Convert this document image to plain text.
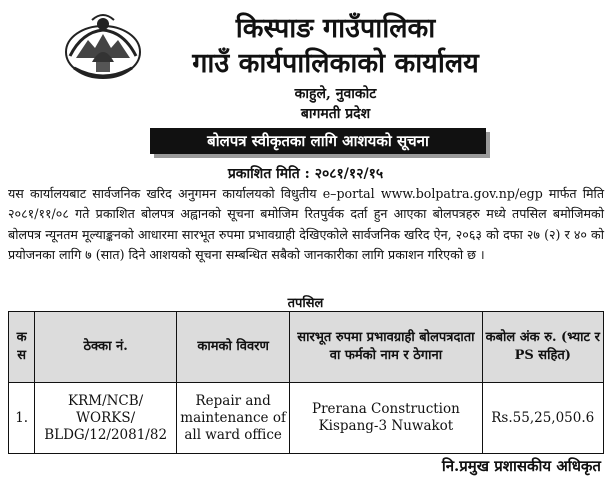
किस्पाङ गाउँपालिका
गाउँ कार्यपालिकाको कार्यालय
काहुले, नुवाकोट
बागमती प्रदेश
बोलपत्र स्वीकृतका लागि आशयको सूचना
प्रकाशित मिति : २०८१/१२/१५
यस कार्यालयबाट सार्वजनिक खरिद अनुगमन कार्यालयको विधुतीय e–portal www.bolpatra.gov.np/egp मार्फत मिति २०८१/११/०८ गते प्रकाशित बोलपत्र अह्वानको सूचना बमोजिम रितपुर्वक दर्ता हुन आएका बोलपत्रहरु मध्ये तपसिल बमोजिमको बोलपत्र न्यूनतम मूल्याङ्कनको आधारमा सारभूत रुपमा प्रभावग्राही देखिएकोले सार्वजनिक खरिद ऐन, २०६३ को दफा २७ (२) र ४० को प्रयोजनका लागि ७ (सात) दिने आशयको सूचना सम्बन्धित सबैको जानकारीका लागि प्रकाशन गरिएको छ ।
तपसिल
क स	ठेक्का नं.	कामको विवरण	सारभूत रुपमा प्रभावग्राही बोलपत्रदाता वा फर्मको नाम र ठेगाना	कबोल अंक रु. (भ्याट र PS सहित)
1.	KRM/NCB/ WORKS/ BLDG/12/2081/82	Repair and maintenance of all ward office	Prerana Construction Kispang-3 Nuwakot	Rs.55,25,050.6
नि.प्रमुख प्रशासकीय अधिकृत
